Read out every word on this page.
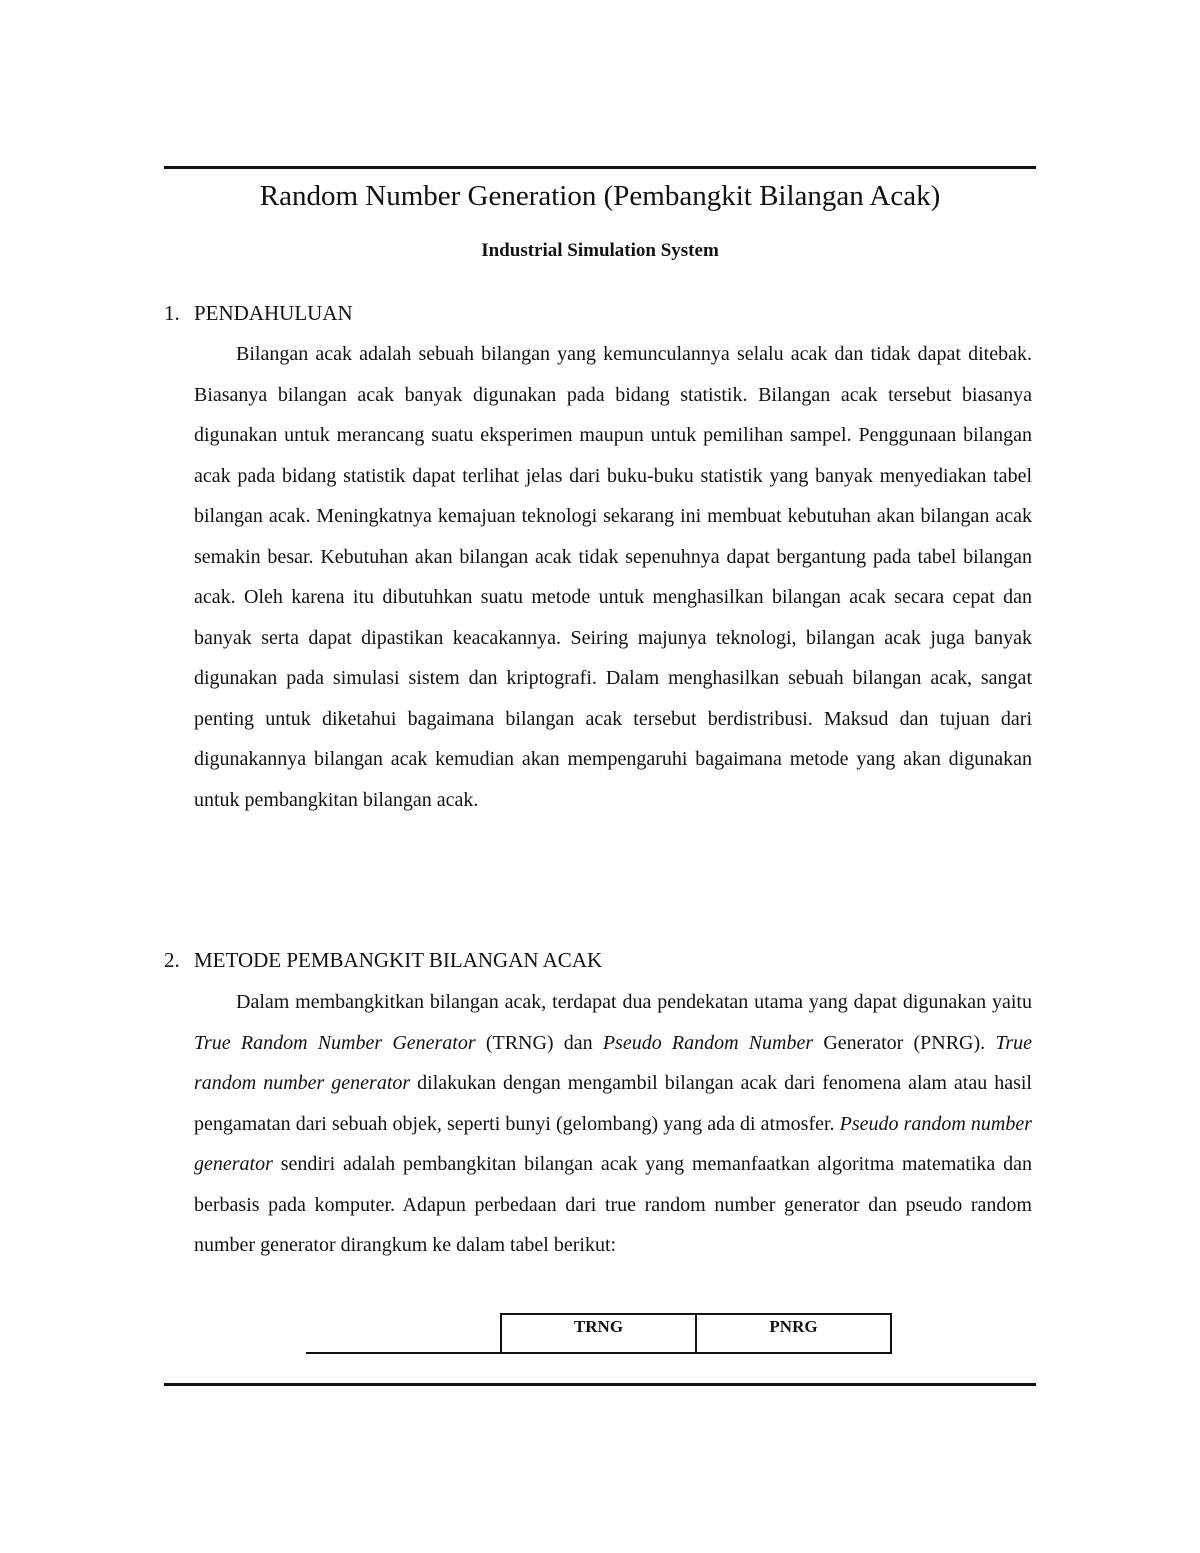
Random Number Generation (Pembangkit Bilangan Acak)
Industrial Simulation System
1. PENDAHULUAN

Bilangan acak adalah sebuah bilangan yang kemunculannya selalu acak dan tidak dapat ditebak. Biasanya bilangan acak banyak digunakan pada bidang statistik. Bilangan acak tersebut biasanya digunakan untuk merancang suatu eksperimen maupun untuk pemilihan sampel. Penggunaan bilangan acak pada bidang statistik dapat terlihat jelas dari buku-buku statistik yang banyak menyediakan tabel bilangan acak. Meningkatnya kemajuan teknologi sekarang ini membuat kebutuhan akan bilangan acak semakin besar. Kebutuhan akan bilangan acak tidak sepenuhnya dapat bergantung pada tabel bilangan acak. Oleh karena itu dibutuhkan suatu metode untuk menghasilkan bilangan acak secara cepat dan banyak serta dapat dipastikan keacakannya. Seiring majunya teknologi, bilangan acak juga banyak digunakan pada simulasi sistem dan kriptografi. Dalam menghasilkan sebuah bilangan acak, sangat penting untuk diketahui bagaimana bilangan acak tersebut berdistribusi. Maksud dan tujuan dari digunakannya bilangan acak kemudian akan mempengaruhi bagaimana metode yang akan digunakan untuk pembangkitan bilangan acak.

2. METODE PEMBANGKIT BILANGAN ACAK

Dalam membangkitkan bilangan acak, terdapat dua pendekatan utama yang dapat digunakan yaitu True Random Number Generator (TRNG) dan Pseudo Random Number Generator (PNRG). True random number generator dilakukan dengan mengambil bilangan acak dari fenomena alam atau hasil pengamatan dari sebuah objek, seperti bunyi (gelombang) yang ada di atmosfer. Pseudo random number generator sendiri adalah pembangkitan bilangan acak yang memanfaatkan algoritma matematika dan berbasis pada komputer. Adapun perbedaan dari true random number generator dan pseudo random number generator dirangkum ke dalam tabel berikut:

	TRNG	PNRG
